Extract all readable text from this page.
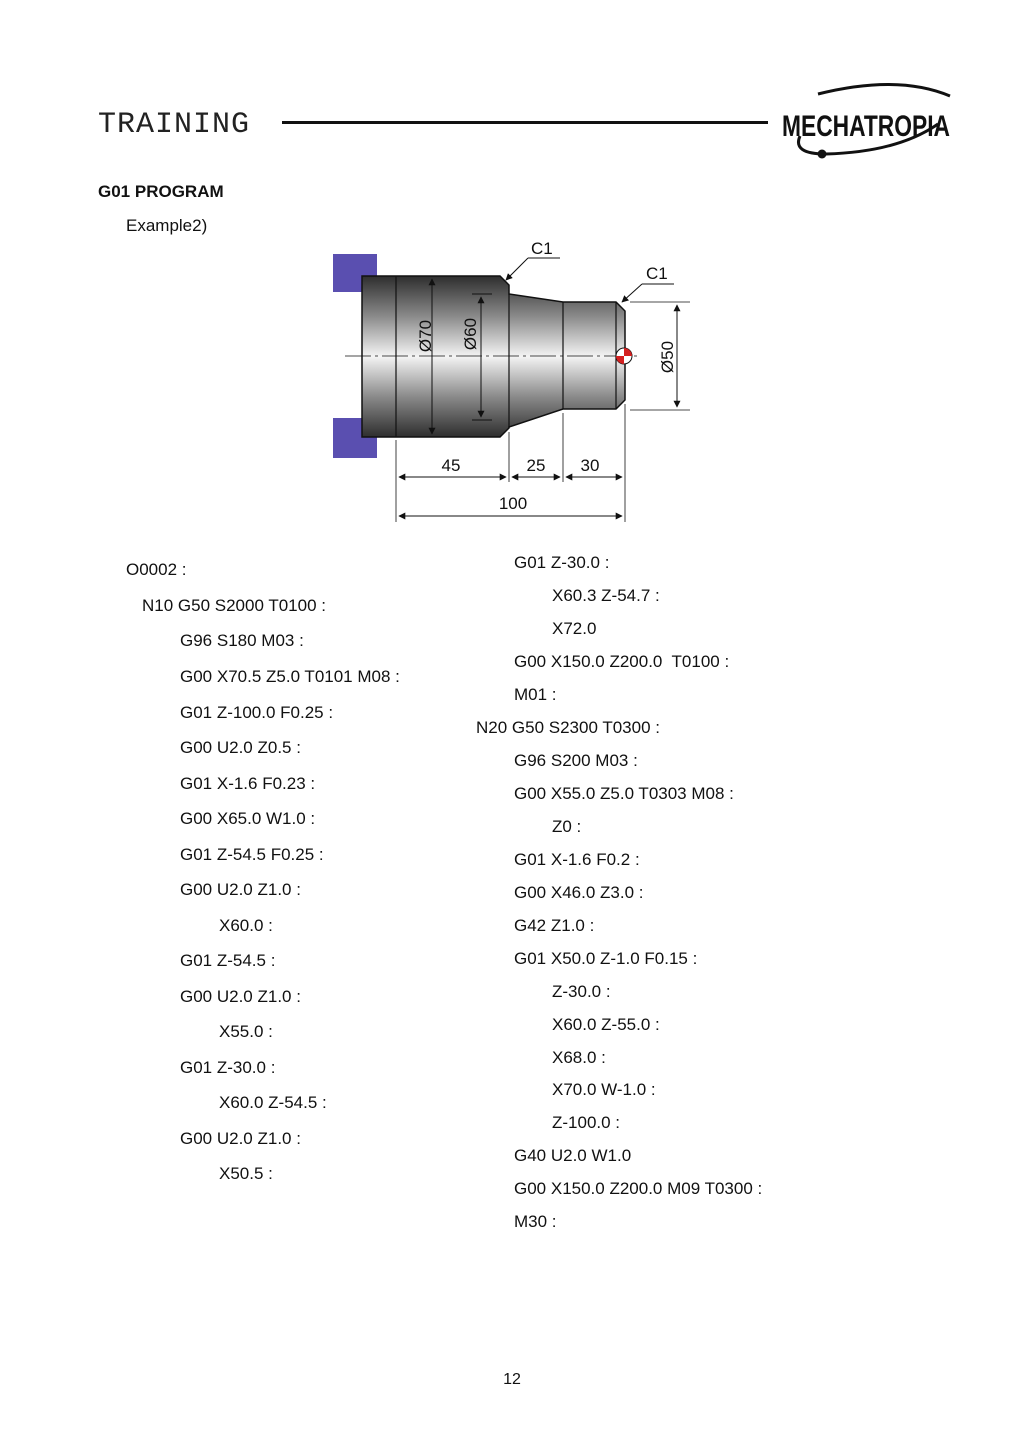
TRAINING	MECHATROPIA
G01 PROGRAM
Example2)
Ø70 Ø60
Ø50
C1
C1
45	25 30
100
O0002 :
N10 G50 S2000 T0100 :
G96 S180 M03 :
G00 X70.5 Z5.0 T0101 M08 :
G01 Z-100.0 F0.25 :
G00 U2.0 Z0.5 :
G01 X-1.6 F0.23 :
G00 X65.0 W1.0 :
G01 Z-54.5 F0.25 :
G00 U2.0 Z1.0 :
X60.0 :
G01 Z-54.5 :
G00 U2.0 Z1.0 :
X55.0 :
G01 Z-30.0 :
X60.0 Z-54.5 :
G00 U2.0 Z1.0 :
X50.5 :
G01 Z-30.0 :
X60.3 Z-54.7 :
X72.0
G00 X150.0 Z200.0  T0100 :
M01 :
N20 G50 S2300 T0300 :
G96 S200 M03 :
G00 X55.0 Z5.0 T0303 M08 :
Z0 :
G01 X-1.6 F0.2 :
G00 X46.0 Z3.0 :
G42 Z1.0 :
G01 X50.0 Z-1.0 F0.15 :
Z-30.0 :
X60.0 Z-55.0 :
X68.0 :
X70.0 W-1.0 :
Z-100.0 :
G40 U2.0 W1.0
G00 X150.0 Z200.0 M09 T0300 :
M30 :
12
